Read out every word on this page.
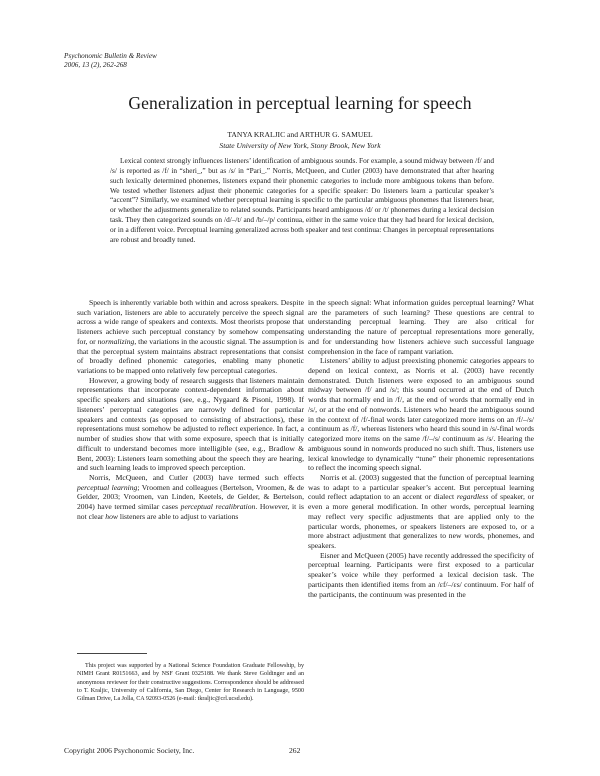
Psychonomic Bulletin & Review
2006, 13 (2), 262-268
Generalization in perceptual learning for speech
TANYA KRALJIC and ARTHUR G. SAMUEL
State University of New York, Stony Brook, New York

Lexical context strongly influences listeners’ identification of ambiguous sounds. For example, a sound midway between /f/ and /s/ is reported as /f/ in “sheri_,” but as /s/ in “Pari_.” Norris, McQueen, and Cutler (2003) have demonstrated that after hearing such lexically determined phonemes, listeners expand their phonemic categories to include more ambiguous tokens than before. We tested whether listeners adjust their phonemic categories for a specific speaker: Do listeners learn a particular speaker’s “accent”? Similarly, we examined whether perceptual learning is specific to the particular ambiguous phonemes that listeners hear, or whether the adjustments generalize to related sounds. Participants heard ambiguous /d/ or /t/ phonemes during a lexical decision task. They then categorized sounds on /d/–/t/ and /b/–/p/ continua, either in the same voice that they had heard for lexical decision, or in a different voice. Perceptual learning generalized across both speaker and test continua: Changes in perceptual representations are robust and broadly tuned.

Speech is inherently variable both within and across speakers. Despite such variation, listeners are able to accurately perceive the speech signal across a wide range of speakers and contexts. Most theorists propose that listeners achieve such perceptual constancy by somehow compensating for, or normalizing, the variations in the acoustic signal. The assumption is that the perceptual system maintains abstract representations that consist of broadly defined phonemic categories, enabling many phonetic variations to be mapped onto relatively few perceptual categories.

However, a growing body of research suggests that listeners maintain representations that incorporate context-dependent information about specific speakers and situations (see, e.g., Nygaard & Pisoni, 1998). If listeners’ perceptual categories are narrowly defined for particular speakers and contexts (as opposed to consisting of abstractions), these representations must somehow be adjusted to reflect experience. In fact, a number of studies show that with some exposure, speech that is initially difficult to understand becomes more intelligible (see, e.g., Bradlow & Bent, 2003): Listeners learn something about the speech they are hearing, and such learning leads to improved speech perception.

Norris, McQueen, and Cutler (2003) have termed such effects perceptual learning; Vroomen and colleagues (Bertelson, Vroomen, & de Gelder, 2003; Vroomen, van Linden, Keetels, de Gelder, & Bertelson, 2004) have termed similar cases perceptual recalibration. However, it is not clear how listeners are able to adjust to variations

in the speech signal: What information guides perceptual learning? What are the parameters of such learning? These questions are central to understanding perceptual learning. They are also critical for understanding the nature of perceptual representations more generally, and for understanding how listeners achieve such successful language comprehension in the face of rampant variation.

Listeners’ ability to adjust preexisting phonemic categories appears to depend on lexical context, as Norris et al. (2003) have recently demonstrated. Dutch listeners were exposed to an ambiguous sound midway between /f/ and /s/; this sound occurred at the end of Dutch words that normally end in /f/, at the end of words that normally end in /s/, or at the end of nonwords. Listeners who heard the ambiguous sound in the context of /f/-final words later categorized more items on an /f/–/s/ continuum as /f/, whereas listeners who heard this sound in /s/-final words categorized more items on the same /f/–/s/ continuum as /s/. Hearing the ambiguous sound in nonwords produced no such shift. Thus, listeners use lexical knowledge to dynamically “tune” their phonemic representations to reflect the incoming speech signal.

Norris et al. (2003) suggested that the function of perceptual learning was to adapt to a particular speaker’s accent. But perceptual learning could reflect adaptation to an accent or dialect regardless of speaker, or even a more general modification. In other words, perceptual learning may reflect very specific adjustments that are applied only to the particular words, phonemes, or speakers listeners are exposed to, or a more abstract adjustment that generalizes to new words, phonemes, and speakers.

Eisner and McQueen (2005) have recently addressed the specificity of perceptual learning. Participants were first exposed to a particular speaker’s voice while they performed a lexical decision task. The participants then identified items from an /εf/–/εs/ continuum. For half of the participants, the continuum was presented in the

This project was supported by a National Science Foundation Graduate Fellowship, by NIMH Grant R0151663, and by NSF Grant 0325188. We thank Steve Goldinger and an anonymous reviewer for their constructive suggestions. Correspondence should be addressed to T. Kraljic, University of California, San Diego, Center for Research in Language, 9500 Gilman Drive, La Jolla, CA 92093-0526 (e-mail: tkraljic@crl.ucsd.edu).

Copyright 2006 Psychonomic Society, Inc.	262
